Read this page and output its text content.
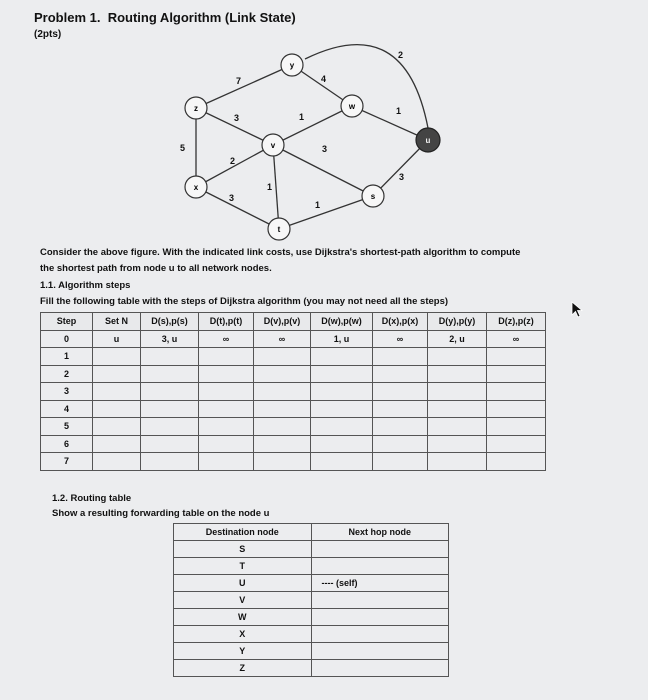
Problem 1. Routing Algorithm (Link State)
(2pts)
7	4
2
3	1
1
5
2
3
3
3
1
1
y
w
z
v
u
x
s
t
Consider the above figure. With the indicated link costs, use Dijkstra's shortest-path algorithm to compute
the shortest path from node u to all network nodes.
1.1. Algorithm steps
Fill the following table with the steps of Dijkstra algorithm (you may not need all the steps)
Step	Set N	D(s),p(s)	D(t),p(t)	D(v),p(v)	D(w),p(w)	D(x),p(x)	D(y),p(y)	D(z),p(z)
0	u	3, u	∞	∞	1, u	∞	2, u	∞
1								
2								
3								
4								
5								
6								
7								
1.2. Routing table
Show a resulting forwarding table on the node u
Destination node	Next hop node
S	
T	
U	---- (self)
V	
W	
X	
Y	
Z	
